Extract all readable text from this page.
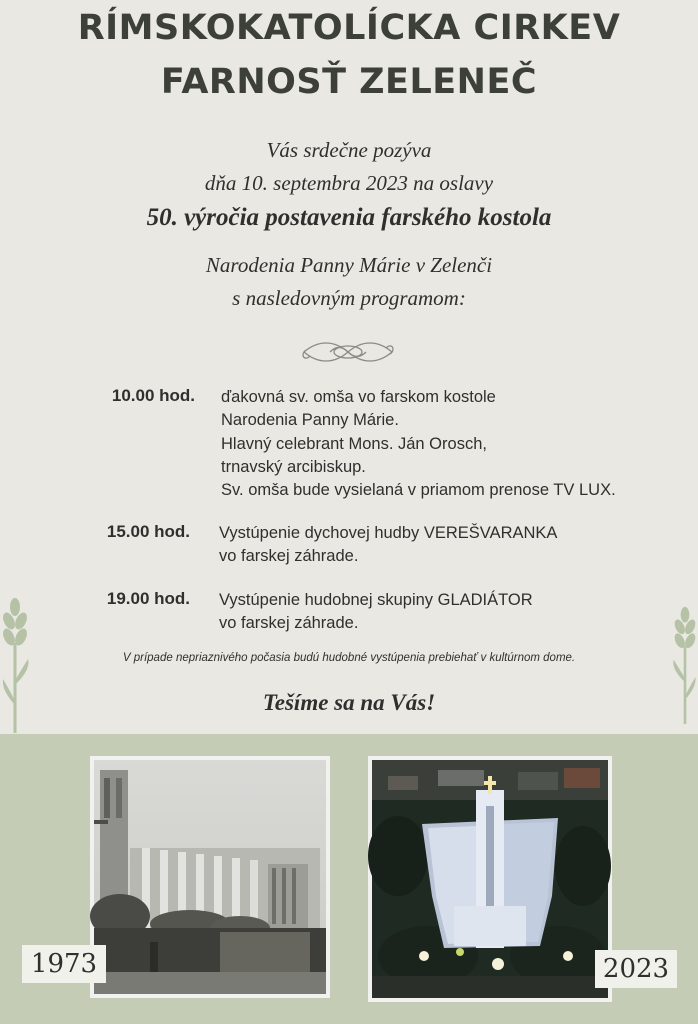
RÍMSKOKATOLÍCKA CIRKEV
FARNOSŤ ZELENEČ
Vás srdečne pozýva
dňa 10. septembra 2023 na oslavy
50. výročia postavenia farského kostola
Narodenia Panny Márie v Zelenči
s nasledovným programom:
10.00 hod. ďakovná sv. omša vo farskom kostole
Narodenia Panny Márie.
Hlavný celebrant Mons. Ján Orosch,
trnavský arcibiskup.
Sv. omša bude vysielaná v priamom prenose TV LUX.
15.00 hod. Vystúpenie dychovej hudby VEREŠVARANKA
vo farskej záhrade.
19.00 hod. Vystúpenie hudobnej skupiny GLADIÁTOR
vo farskej záhrade.
V prípade nepriaznivého počasia budú hudobné vystúpenia prebiehať v kultúrnom dome.
Tešíme sa na Vás!
1973	2023
